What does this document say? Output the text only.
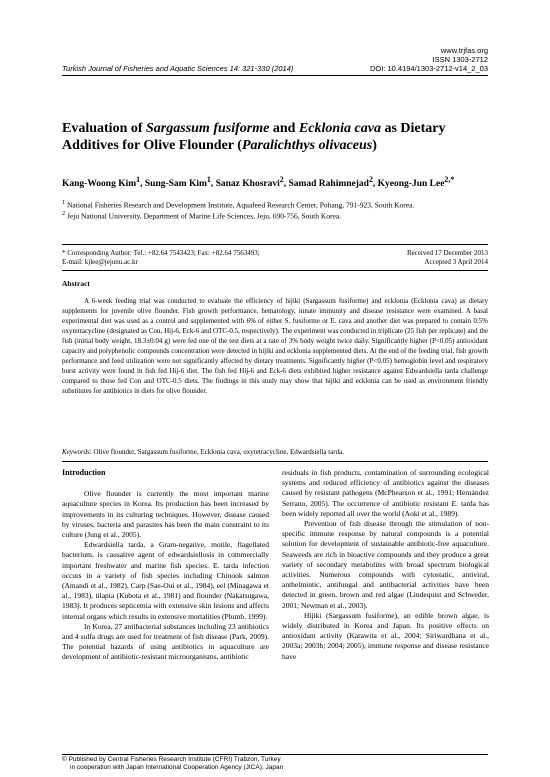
www.trjfas.org
ISSN 1303-2712
Turkish Journal of Fisheries and Aquatic Sciences 14: 321-330 (2014)	DOI: 10.4194/1303-2712-v14_2_03
Evaluation of Sargassum fusiforme and Ecklonia cava as Dietary Additives for Olive Flounder (Paralichthys olivaceus)
Kang-Woong Kim$^1$, Sung-Sam Kim$^1$, Sanaz Khosravi$^2$, Samad Rahimnejad$^2$, Kyeong-Jun Lee$^{2,*}$
$^1$ National Fisheries Research and Development Institute, Aquafeed Research Center, Pohang, 791-923, South Korea.
$^2$ Jeju National University, Department of Marine Life Sciences, Jeju, 690-756, South Korea.
* Corresponding Author: Tel.: +82.64 7543423; Fax: +82.64 7563493;	Received 17 December 2013
E-mail: kjlee@jejunu.ac.kr	Accepted 3 April 2014
Abstract

A 6-week feeding trial was conducted to evaluate the efficiency of hijiki (Sargassum fusiforme) and ecklonia (Ecklonia cava) as dietary supplements for juvenile olive flounder. Fish growth performance, hematology, innate immunity and disease resistance were examined. A basal experimental diet was used as a control and supplemented with 6% of either S. fusiforme or E. cava and another diet was prepared to contain 0.5% oxytetracycline (designated as Con, Hij-6, Eck-6 and OTC-0.5, respectively). The experiment was conducted in triplicate (25 fish per replicate) and the fish (initial body weight, 18.3±0.04 g) were fed one of the test diets at a rate of 3% body weight twice daily. Significantly higher (P<0.05) antioxidant capacity and polyphenolic compounds concentration were detected in hijiki and ecklonia supplemented diets. At the end of the feeding trial, fish growth performance and feed utilization were not significantly affected by dietary treatments. Significantly higher (P<0.05) hemoglobin level and respiratory burst activity were found in fish fed Hij-6 diet. The fish fed Hij-6 and Eck-6 diets exhibited higher resistance against Edwardsiella tarda challenge compared to those fed Con and OTC-0.5 diets. The findings in this study may show that hijiki and ecklonia can be used as environment friendly substitutes for antibiotics in diets for olive flounder.

Keywords: Olive flounder, Sargassum fusiforme, Ecklonia cava, oxytetracycline, Edwardsiella tarda.
Introduction

Olive flounder is currently the most important marine aquaculture species in Korea. Its production has been increased by improvements in its culturing techniques. However, disease caused by viruses, bacteria and parasites has been the main constraint to its culture (Jung et al., 2005).

Edwardsiella tarda, a Gram-negative, motile, flagellated bacterium, is causative agent of edwardsiellosis in commercially important freshwater and marine fish species. E. tarda infection occurs in a variety of fish species including Chinook salmon (Amandi et al., 1982), Carp (Sae-Oui et al., 1984), eel (Minagawa et al., 1983), tilapia (Kubota et al., 1981) and flounder (Nakatsugawa, 1983). It produces septicemia with extensive skin lesions and affects internal organs which results in extensive mortalities (Plumb, 1999).

In Korea, 27 antibacterial substances including 23 antibiotics and 4 sulfa drugs are used for treatment of fish disease (Park, 2009). The potential hazards of using antibiotics in aquaculture are development of antibiotic-resistant microorganisms, antibiotic

residuals in fish products, contamination of surrounding ecological systems and reduced efficiency of antibiotics against the diseases caused by resistant pathogens (McPhearson et al., 1991; Hernández Serrano, 2005). The occurrence of antibiotic resistant E. tarda has been widely reported all over the world (Aoki et al., 1989).

Prevention of fish disease through the stimulation of non-specific immune response by natural compounds is a potential solution for development of sustainable antibiotic-free aquaculture. Seaweeds are rich in bioactive compounds and they produce a great variety of secondary metabolites with broad spectrum biological activities. Numerous compounds with cytostatic, antiviral, anthelmintic, antifungal and antibacterial activities have been detected in green, brown and red algae (Lindequist and Schweder, 2001; Newman et al., 2003).

Hijiki (Sargassum fusiforme), an edible brown algae, is widely distributed in Korea and Japan. Its positive effects on antioxidant activity (Karawita et al., 2004; Siriwardhana et al., 2003a; 2003b; 2004; 2005), immune response and disease resistance have

© Published by Central Fisheries Research Institute (CFRI) Trabzon, Turkey
in cooperation with Japan International Cooperation Agency (JICA), Japan
